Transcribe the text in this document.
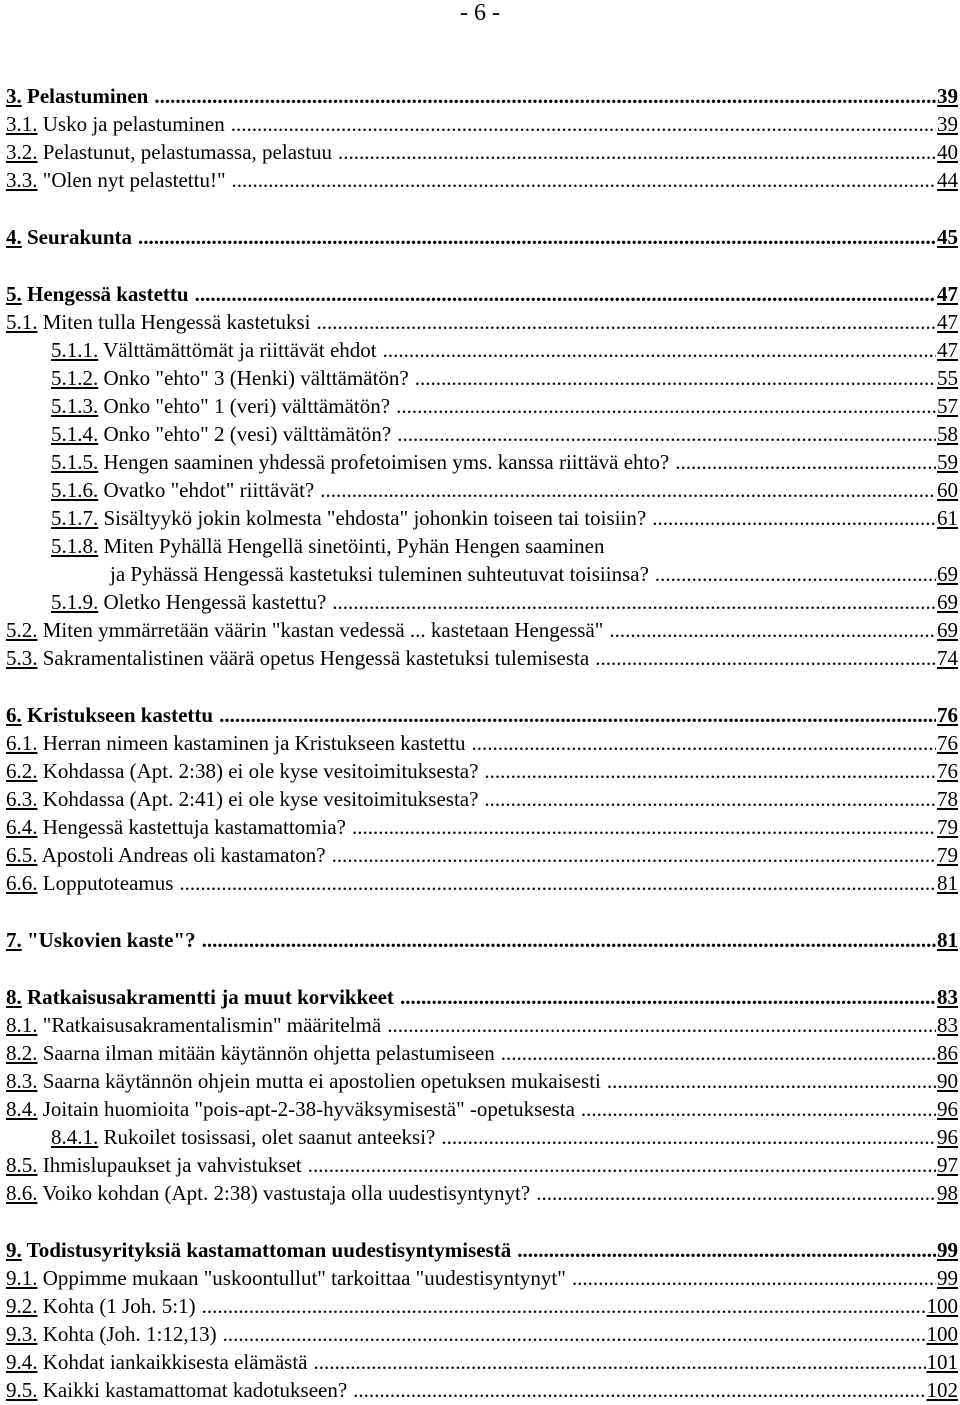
- 6 -
3. Pelastuminen .....	39
3.1. Usko ja pelastuminen .....	39
3.2. Pelastunut, pelastumassa, pelastuu .....	40
3.3. "Olen nyt pelastettu!" .....	44
4. Seurakunta .....	45
5. Hengessä kastettu .....	47
5.1. Miten tulla Hengessä kastetuksi .....	47
5.1.1. Välttämättömät ja riittävät ehdot .....	47
5.1.2. Onko "ehto" 3 (Henki) välttämätön? .....	55
5.1.3. Onko "ehto" 1 (veri) välttämätön? .....	57
5.1.4. Onko "ehto" 2 (vesi) välttämätön? .....	58
5.1.5. Hengen saaminen yhdessä profetoimisen yms. kanssa riittävä ehto? .....	59
5.1.6. Ovatko "ehdot" riittävät? .....	60
5.1.7. Sisältyykö jokin kolmesta "ehdosta" johonkin toiseen tai toisiin? .....	61
5.1.8. Miten Pyhällä Hengellä sinetöinti, Pyhän Hengen saaminen
ja Pyhässä Hengessä kastetuksi tuleminen suhteutuvat toisiinsa? .....	69
5.1.9. Oletko Hengessä kastettu? .....	69
5.2. Miten ymmärretään väärin "kastan vedessä ... kastetaan Hengessä" .....	69
5.3. Sakramentalistinen väärä opetus Hengessä kastetuksi tulemisesta .....	74
6. Kristukseen kastettu .....	76
6.1. Herran nimeen kastaminen ja Kristukseen kastettu .....	76
6.2. Kohdassa (Apt. 2:38) ei ole kyse vesitoimituksesta? .....	76
6.3. Kohdassa (Apt. 2:41) ei ole kyse vesitoimituksesta? .....	78
6.4. Hengessä kastettuja kastamattomia? .....	79
6.5. Apostoli Andreas oli kastamaton? .....	79
6.6. Lopputoteamus .....	81
7. "Uskovien kaste"? .....	81
8. Ratkaisusakramentti ja muut korvikkeet .....	83
8.1. "Ratkaisusakramentalismin" määritelmä .....	83
8.2. Saarna ilman mitään käytännön ohjetta pelastumiseen .....	86
8.3. Saarna käytännön ohjein mutta ei apostolien opetuksen mukaisesti .....	90
8.4. Joitain huomioita "pois-apt-2-38-hyväksymisestä" -opetuksesta .....	96
8.4.1. Rukoilet tosissasi, olet saanut anteeksi? .....	96
8.5. Ihmislupaukset ja vahvistukset .....	97
8.6. Voiko kohdan (Apt. 2:38) vastustaja olla uudestisyntynyt? .....	98
9. Todistusyrityksiä kastamattoman uudestisyntymisestä .....	99
9.1. Oppimme mukaan "uskoontullut" tarkoittaa "uudestisyntynyt" .....	99
9.2. Kohta (1 Joh. 5:1) .....	100
9.3. Kohta (Joh. 1:12,13) .....	100
9.4. Kohdat iankaikkisesta elämästä .....	101
9.5. Kaikki kastamattomat kadotukseen? .....	102
